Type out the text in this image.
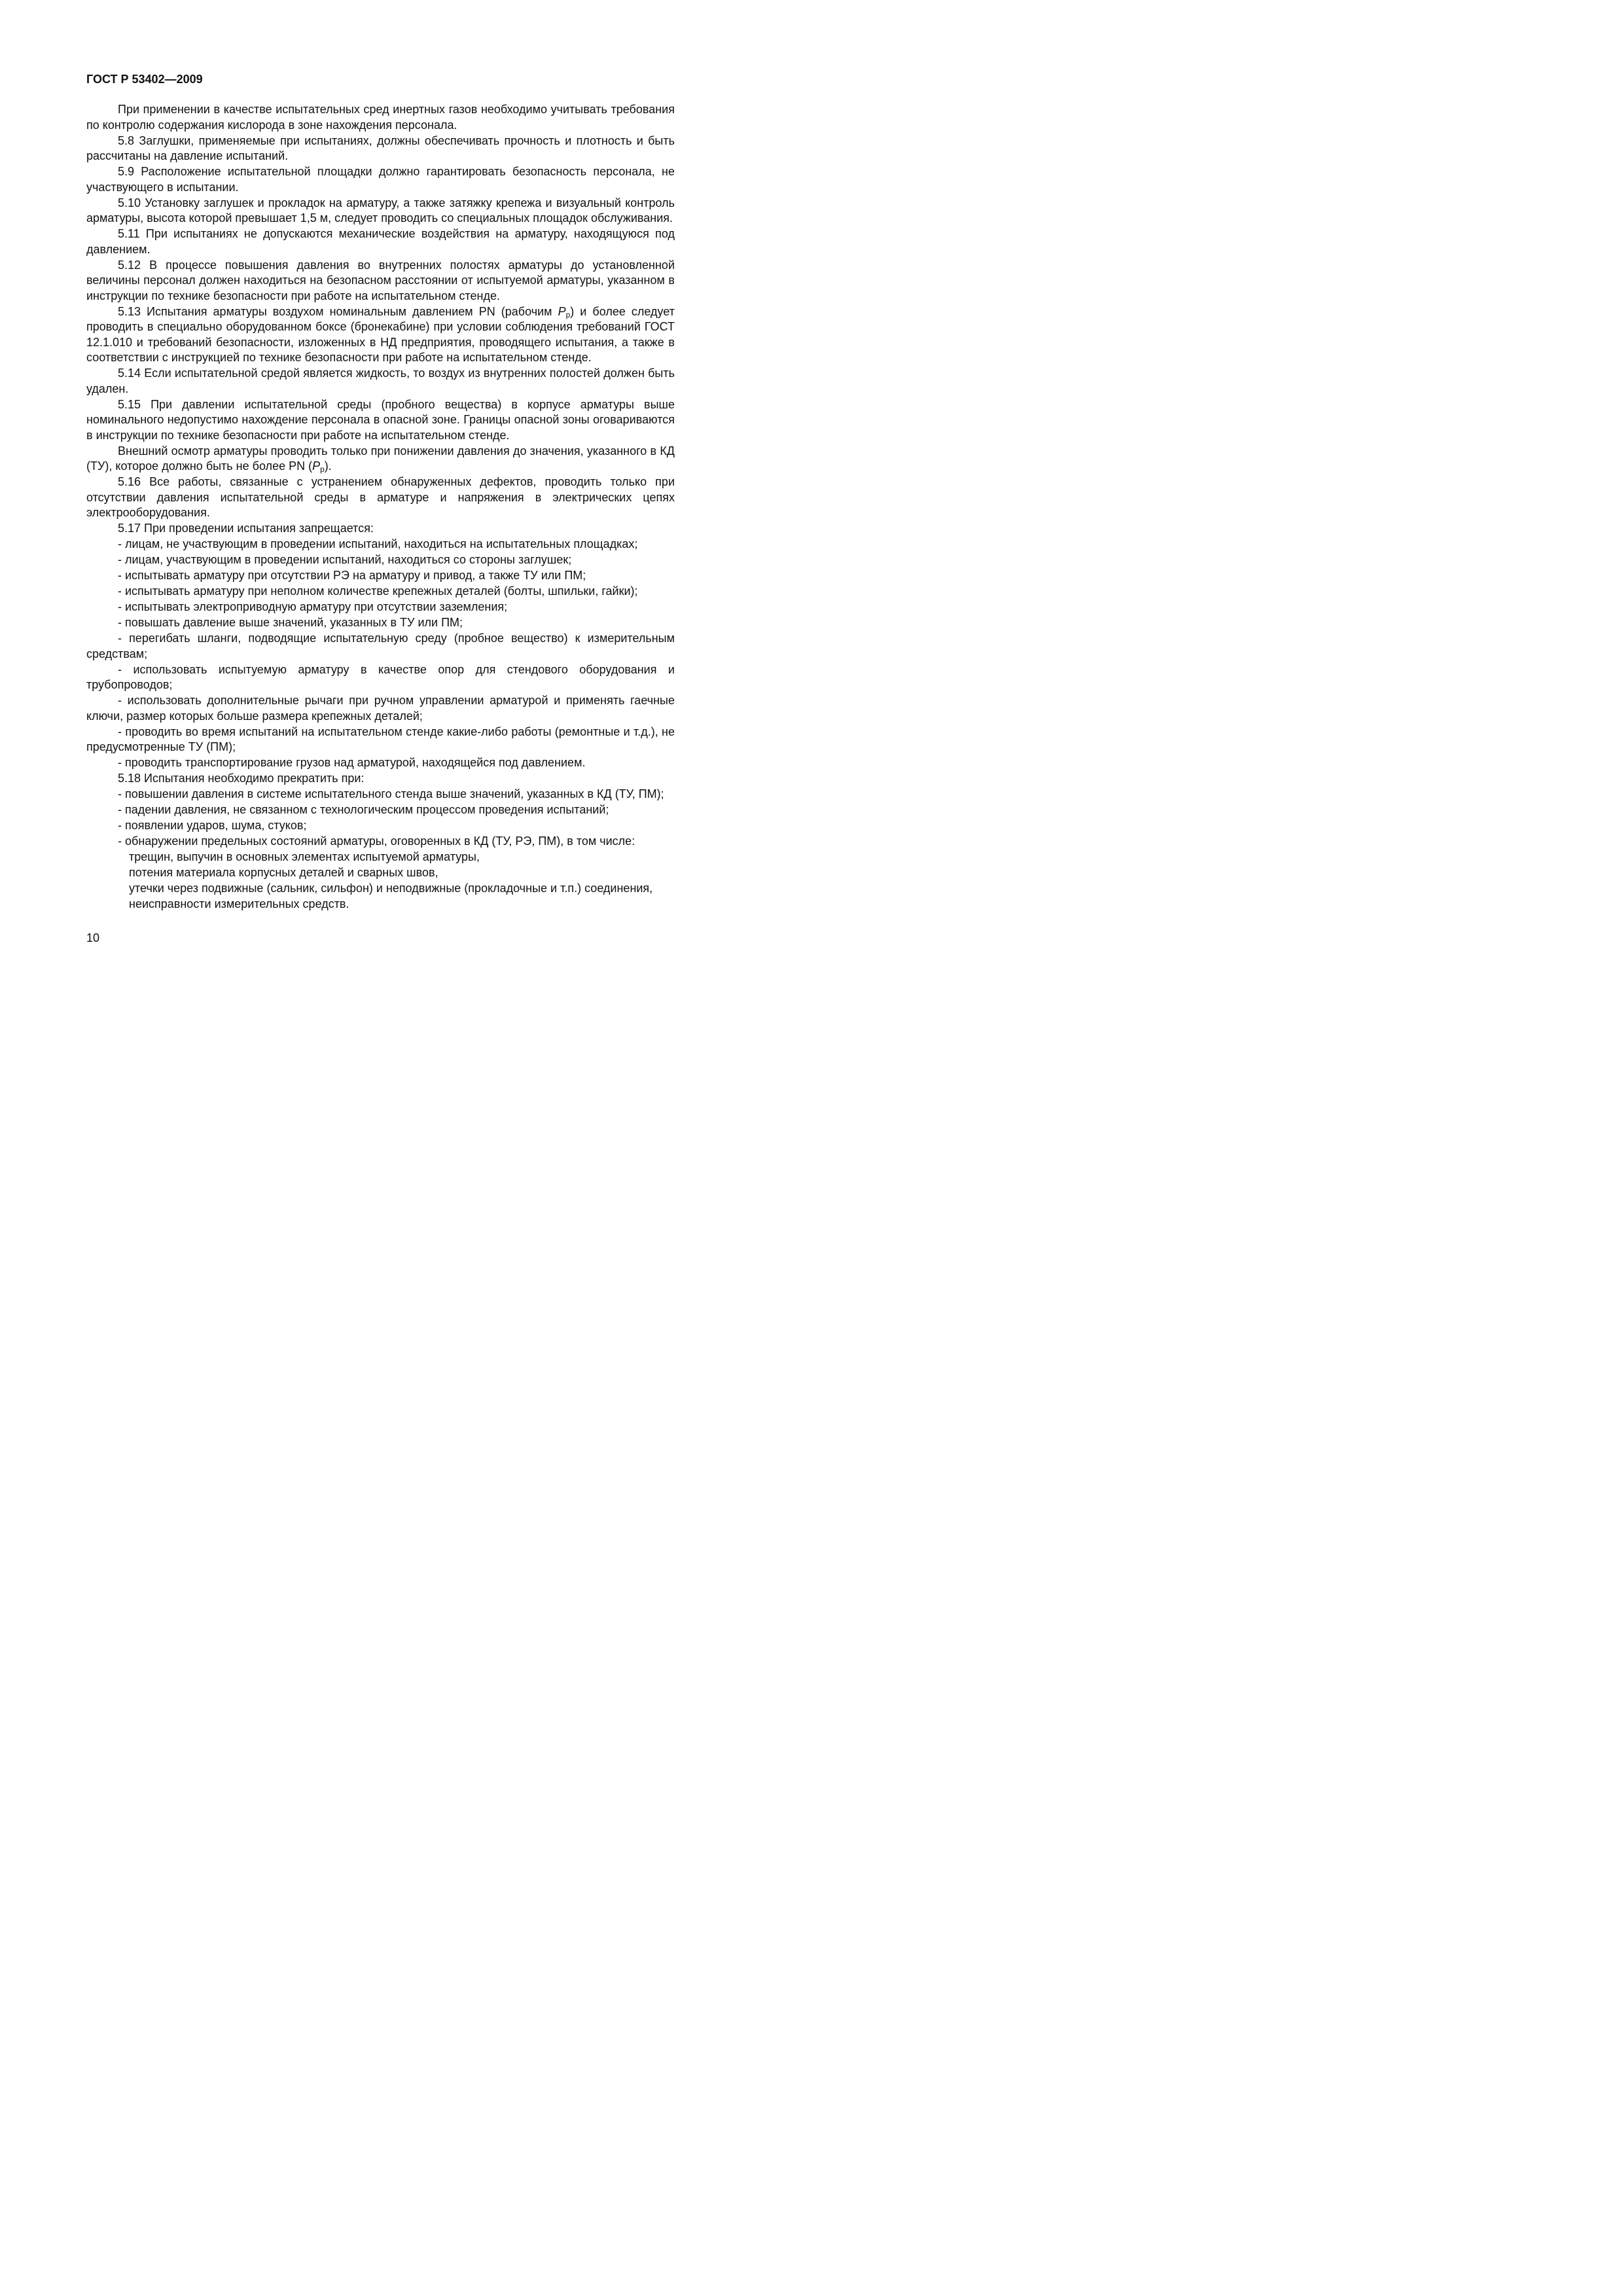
ГОСТ Р 53402—2009

При применении в качестве испытательных сред инертных газов необходимо учитывать требования по контролю содержания кислорода в зоне нахождения персонала.

5.8 Заглушки, применяемые при испытаниях, должны обеспечивать прочность и плотность и быть рассчитаны на давление испытаний.

5.9 Расположение испытательной площадки должно гарантировать безопасность персонала, не участвующего в испытании.

5.10 Установку заглушек и прокладок на арматуру, а также затяжку крепежа и визуальный контроль арматуры, высота которой превышает 1,5 м, следует проводить со специальных площадок обслуживания.

5.11 При испытаниях не допускаются механические воздействия на арматуру, находящуюся под давлением.

5.12 В процессе повышения давления во внутренних полостях арматуры до установленной величины персонал должен находиться на безопасном расстоянии от испытуемой арматуры, указанном в инструкции по технике безопасности при работе на испытательном стенде.

5.13 Испытания арматуры воздухом номинальным давлением PN (рабочим $P_р$) и более следует проводить в специально оборудованном боксе (бронекабине) при условии соблюдения требований ГОСТ 12.1.010 и требований безопасности, изложенных в НД предприятия, проводящего испытания, а также в соответствии с инструкцией по технике безопасности при работе на испытательном стенде.

5.14 Если испытательной средой является жидкость, то воздух из внутренних полостей должен быть удален.

5.15 При давлении испытательной среды (пробного вещества) в корпусе арматуры выше номинального недопустимо нахождение персонала в опасной зоне. Границы опасной зоны оговариваются в инструкции по технике безопасности при работе на испытательном стенде.

Внешний осмотр арматуры проводить только при понижении давления до значения, указанного в КД (ТУ), которое должно быть не более PN $(P_р)$.

5.16 Все работы, связанные с устранением обнаруженных дефектов, проводить только при отсутствии давления испытательной среды в арматуре и напряжения в электрических цепях электрооборудования.

5.17 При проведении испытания запрещается:

- лицам, не участвующим в проведении испытаний, находиться на испытательных площадках;

- лицам, участвующим в проведении испытаний, находиться со стороны заглушек;

- испытывать арматуру при отсутствии РЭ на арматуру и привод, а также ТУ или ПМ;

- испытывать арматуру при неполном количестве крепежных деталей (болты, шпильки, гайки);

- испытывать электроприводную арматуру при отсутствии заземления;

- повышать давление выше значений, указанных в ТУ или ПМ;

- перегибать шланги, подводящие испытательную среду (пробное вещество) к измерительным средствам;

- использовать испытуемую арматуру в качестве опор для стендового оборудования и трубопроводов;

- использовать дополнительные рычаги при ручном управлении арматурой и применять гаечные ключи, размер которых больше размера крепежных деталей;

- проводить во время испытаний на испытательном стенде какие-либо работы (ремонтные и т.д.), не предусмотренные ТУ (ПМ);

- проводить транспортирование грузов над арматурой, находящейся под давлением.

5.18 Испытания необходимо прекратить при:

- повышении давления в системе испытательного стенда выше значений, указанных в КД (ТУ, ПМ);

- падении давления, не связанном с технологическим процессом проведения испытаний;

- появлении ударов, шума, стуков;

- обнаружении предельных состояний арматуры, оговоренных в КД (ТУ, РЭ, ПМ), в том числе:

трещин, выпучин в основных элементах испытуемой арматуры,

потения материала корпусных деталей и сварных швов,

утечки через подвижные (сальник, сильфон) и неподвижные (прокладочные и т.п.) соединения,

неисправности измерительных средств.

10
